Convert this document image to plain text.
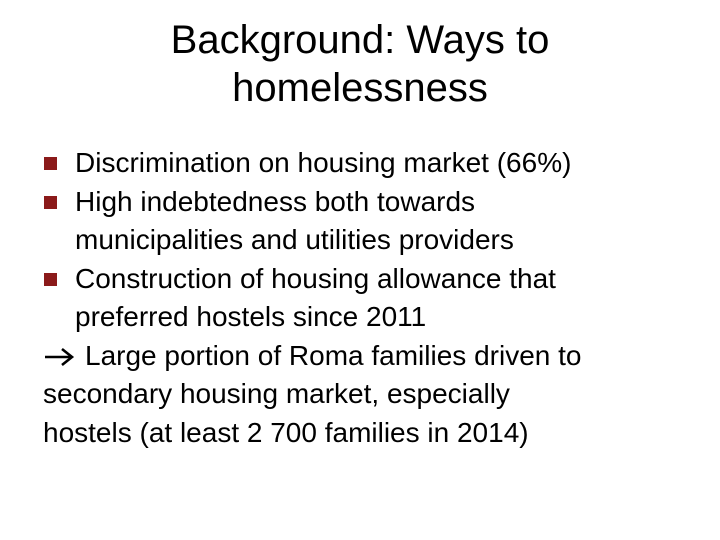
Background: Ways to
homelessness
Discrimination on housing market (66%)
High indebtedness both towards
municipalities and utilities providers
Construction of housing allowance that
preferred hostels since 2011
Large portion of Roma families driven to
secondary housing market, especially
hostels (at least 2 700 families in 2014)
